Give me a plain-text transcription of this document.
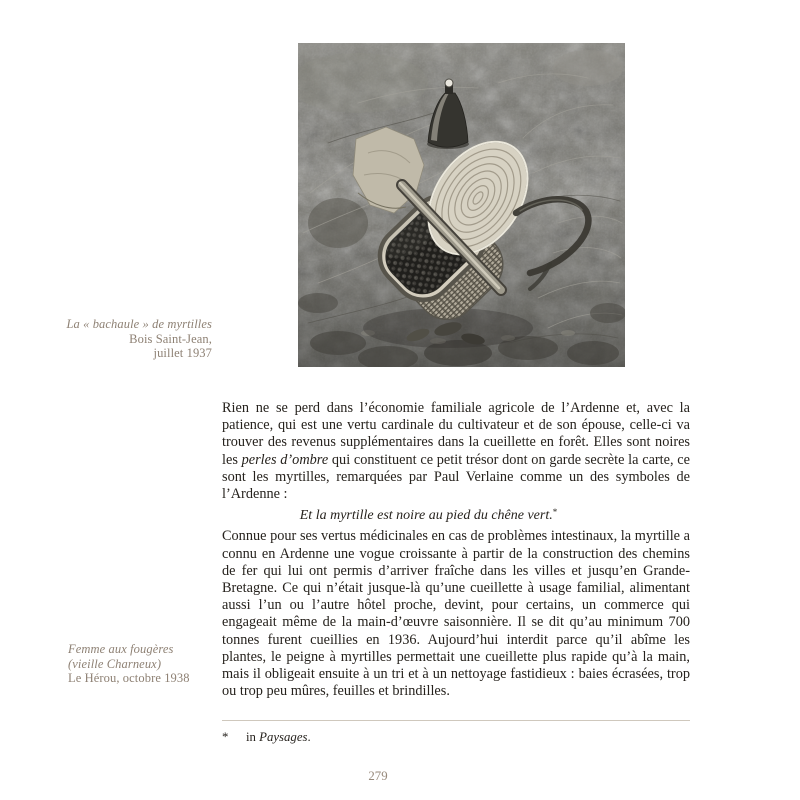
La « bachaule » de myrtilles
Bois Saint-Jean,
juillet 1937
Femme aux fougères
(vieille Charneux)
Le Hérou, octobre 1938

Rien ne se perd dans l’économie familiale agricole de l’Ardenne et, avec la patience, qui est une vertu cardinale du cultivateur et de son épouse, celle-ci va trouver des revenus supplémentaires dans la cueillette en forêt. Elles sont noires les perles d’ombre qui constituent ce petit trésor dont on garde secrète la carte, ce sont les myrtilles, remarquées par Paul Verlaine comme un des symboles de l’Ardenne :

Et la myrtille est noire au pied du chêne vert.*

Connue pour ses vertus médicinales en cas de problèmes intestinaux, la myrtille a connu en Ardenne une vogue croissante à partir de la construction des chemins de fer qui lui ont permis d’arriver fraîche dans les villes et jusqu’en Grande-Bretagne. Ce qui n’était jusque-là qu’une cueillette à usage familial, alimentant aussi l’un ou l’autre hôtel proche, devint, pour certains, un commerce qui engageait même de la main-d’œuvre saisonnière. Il se dit qu’au minimum 700 tonnes furent cueillies en 1936. Aujourd’hui interdit parce qu’il abîme les plantes, le peigne à myrtilles permettait une cueillette plus rapide qu’à la main, mais il obligeait ensuite à un tri et à un nettoyage fastidieux : baies écrasées, trop ou trop peu mûres, feuilles et brindilles.

*	in Paysages.
279
